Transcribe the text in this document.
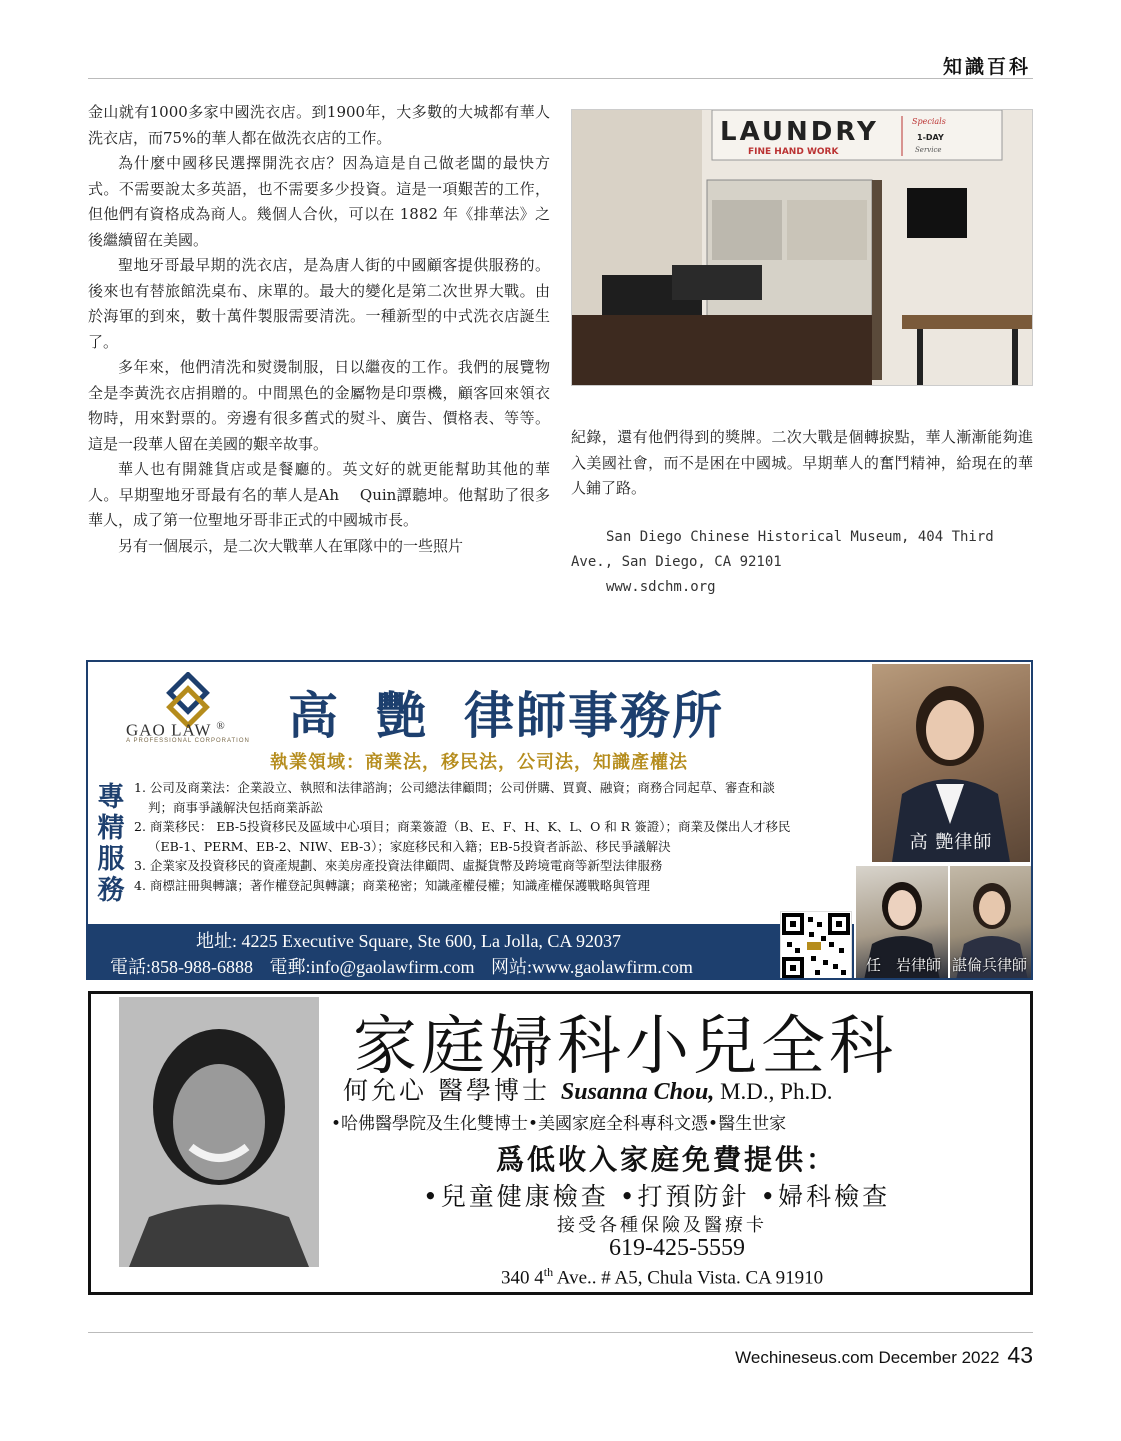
知識百科

金山就有1000多家中國洗衣店。到1900年，大多數的大城都有華人洗衣店，而75%的華人都在做洗衣店的工作。

為什麼中國移民選擇開洗衣店？因為這是自己做老闆的最快方式。不需要說太多英語，也不需要多少投資。這是一項艱苦的工作，但他們有資格成為商人。幾個人合伙，可以在 1882 年《排華法》之後繼續留在美國。

聖地牙哥最早期的洗衣店，是為唐人街的中國顧客提供服務的。後來也有替旅館洗桌布、床單的。最大的變化是第二次世界大戰。由於海軍的到來，數十萬件製服需要清洗。一種新型的中式洗衣店誕生了。

多年來，他們清洗和熨燙制服，日以繼夜的工作。我們的展覽物全是李黃洗衣店捐贈的。中間黑色的金屬物是印票機，顧客回來領衣物時，用來對票的。旁邊有很多舊式的熨斗、廣告、價格表、等等。這是一段華人留在美國的艱辛故事。

華人也有開雜貨店或是餐廳的。英文好的就更能幫助其他的華人。早期聖地牙哥最有名的華人是Ah　 Quin譚聽坤。他幫助了很多華人，成了第一位聖地牙哥非正式的中國城市長。

另有一個展示，是二次大戰華人在軍隊中的一些照片

LAUNDRY
FINE HAND WORK
Specials
1-DAY
Service
紀錄，還有他們得到的獎牌。二次大戰是個轉捩點，華人漸漸能夠進入美國社會，而不是困在中國城。早期華人的奮鬥精神，給現在的華人鋪了路。
San Diego Chinese Historical Museum, 404 Third Ave., San Diego, CA 92101
www.sdchm.org
GAO LAW ®
A PROFESSIONAL CORPORATION 高 艷 律師事務所
執業領域：商業法，移民法，公司法，知識產權法
專精服務
1. 公司及商業法：企業設立、執照和法律諮詢；公司總法律顧問；公司併購、買賣、融資；商務合同起草、審查和談判；商事爭議解決包括商業訴訟
2. 商業移民： EB-5投資移民及區域中心項目；商業簽證（B、E、F、H、K、L、O 和 R 簽證）；商業及傑出人才移民（EB-1、PERM、EB-2、NIW、EB-3）；家庭移民和入籍；EB-5投資者訴訟、移民爭議解決
3. 企業家及投資移民的資產規劃、來美房產投資法律顧問、虛擬貨幣及跨境電商等新型法律服務
4. 商標註冊與轉讓；著作權登記與轉讓；商業秘密；知識產權侵權；知識產權保護戰略與管理
高 艷律師
地址: 4225 Executive Square, Ste 600, La Jolla, CA 92037
電話:858-988-6888 電郵:info@gaolawfirm.com 网站:www.gaolawfirm.com	任　岩律師 諶倫兵律師
家庭婦科小兒全科
何允心 醫學博士 Susanna Chou, M.D., Ph.D.
•哈佛醫學院及生化雙博士•美國家庭全科專科文憑•醫生世家
爲低收入家庭免費提供：
•兒童健康檢查 •打預防針 •婦科檢查
接受各種保險及醫療卡
619-425-5559
340 4th Ave.. # A5, Chula Vista. CA 91910
Wechineseus.com December 2022 43
